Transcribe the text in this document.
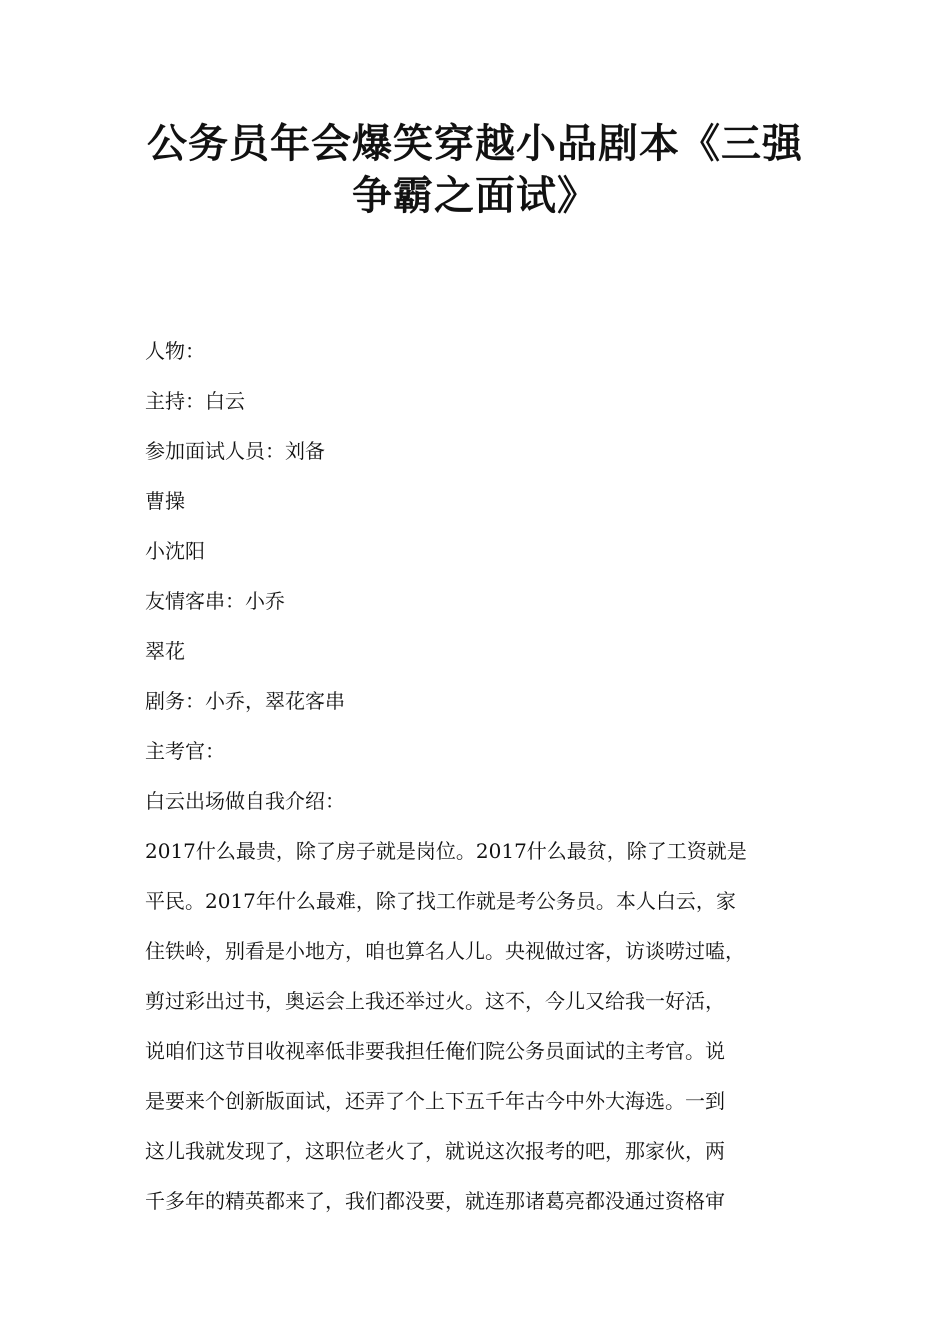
公务员年会爆笑穿越小品剧本《三强争霸之面试》

人物：

主持：白云

参加面试人员：刘备

曹操

小沈阳

友情客串：小乔

翠花

剧务：小乔，翠花客串

主考官：

白云出场做自我介绍：

2017什么最贵，除了房子就是岗位。2017什么最贫，除了工资就是

平民。2017年什么最难，除了找工作就是考公务员。本人白云，家

住铁岭，别看是小地方，咱也算名人儿。央视做过客，访谈唠过嗑，

剪过彩出过书，奥运会上我还举过火。这不，今儿又给我一好活，

说咱们这节目收视率低非要我担任俺们院公务员面试的主考官。说

是要来个创新版面试，还弄了个上下五千年古今中外大海选。一到

这儿我就发现了，这职位老火了，就说这次报考的吧，那家伙，两

千多年的精英都来了，我们都没要，就连那诸葛亮都没通过资格审
